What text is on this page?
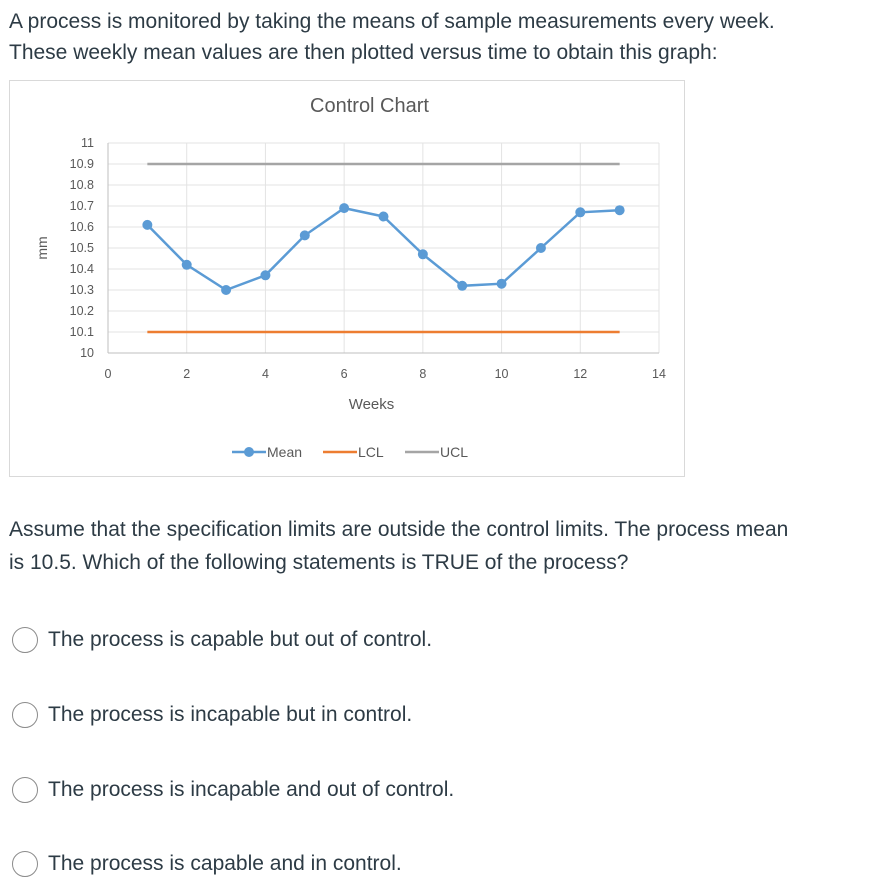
A process is monitored by taking the means of sample measurements every week.
These weekly mean values are then plotted versus time to obtain this graph:

Control Chart
10
10.1
10.2
10.3
10.4
10.5
10.6
10.7
10.8
10.9
11
0	2	4	6	8	10	12	14
Weeks
mm
Mean	LCL	UCL

Assume that the specification limits are outside the control limits. The process mean
is 10.5. Which of the following statements is TRUE of the process?

The process is capable but out of control.
The process is incapable but in control.
The process is incapable and out of control.
The process is capable and in control.
